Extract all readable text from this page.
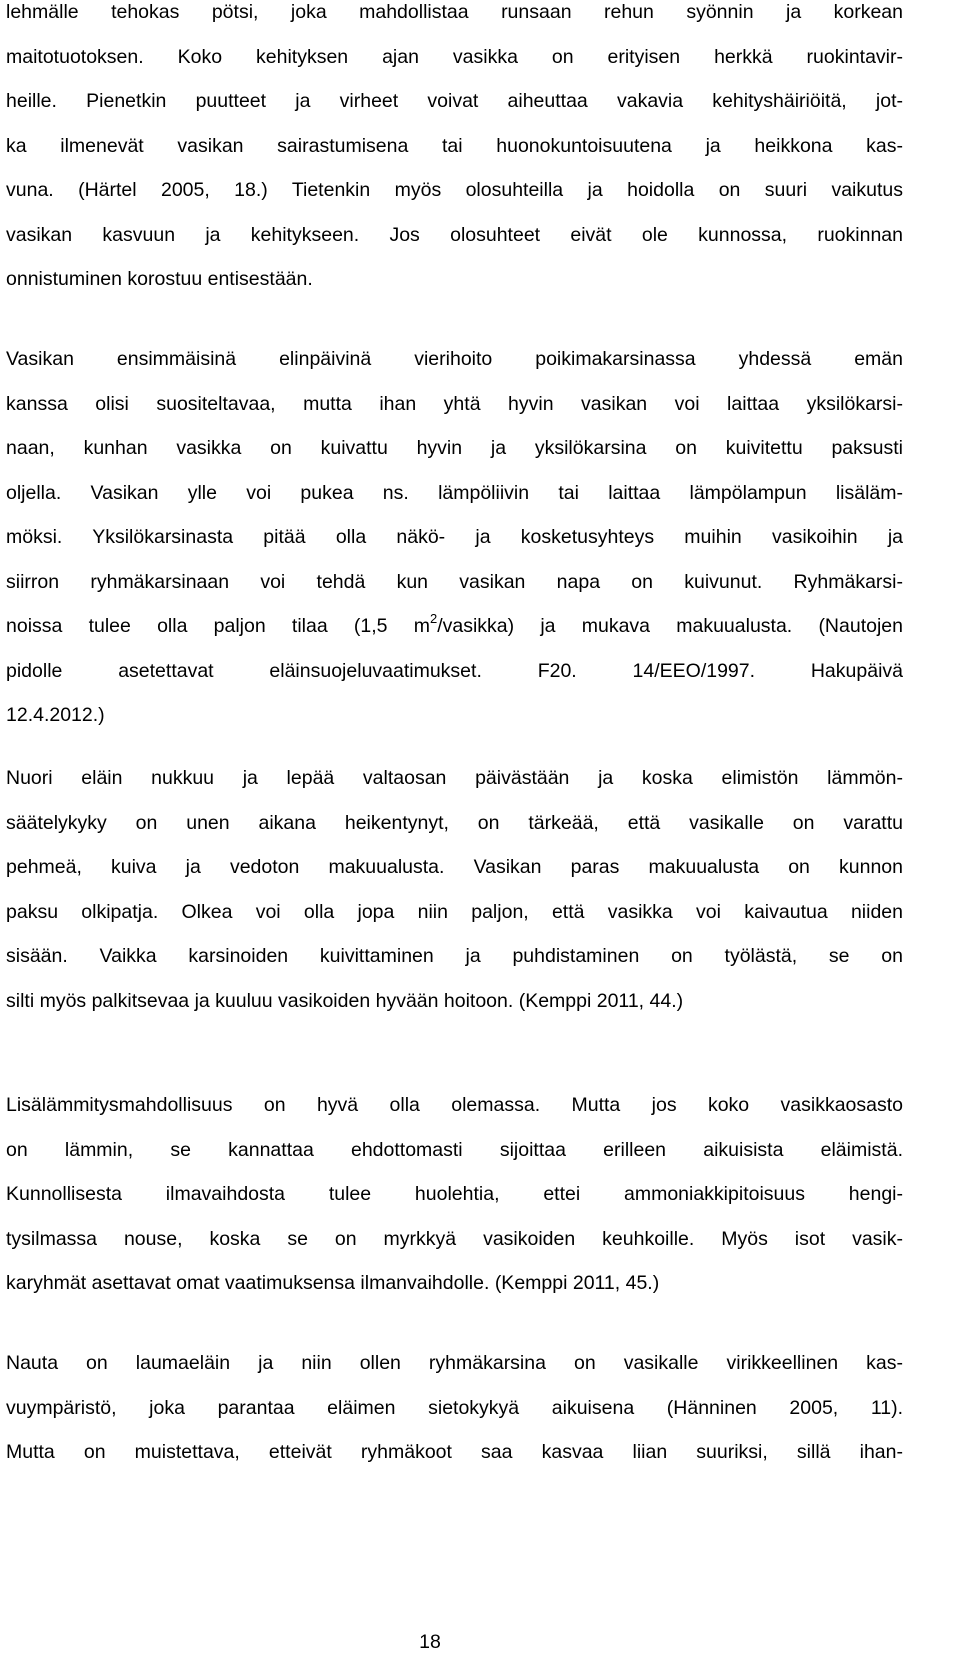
lehmälle tehokas pötsi, joka mahdollistaa runsaan rehun syönnin ja korkean
maitotuotoksen. Koko kehityksen ajan vasikka on erityisen herkkä ruokintavir-
heille. Pienetkin puutteet ja virheet voivat aiheuttaa vakavia kehityshäiriöitä, jot-
ka ilmenevät vasikan sairastumisena tai huonokuntoisuutena ja heikkona kas-
vuna. (Härtel 2005, 18.) Tietenkin myös olosuhteilla ja hoidolla on suuri vaikutus
vasikan kasvuun ja kehitykseen. Jos olosuhteet eivät ole kunnossa, ruokinnan
onnistuminen korostuu entisestään.

Vasikan ensimmäisinä elinpäivinä vierihoito poikimakarsinassa yhdessä emän
kanssa olisi suositeltavaa, mutta ihan yhtä hyvin vasikan voi laittaa yksilökarsi-
naan, kunhan vasikka on kuivattu hyvin ja yksilökarsina on kuivitettu paksusti
oljella. Vasikan ylle voi pukea ns. lämpöliivin tai laittaa lämpölampun lisäläm-
möksi. Yksilökarsinasta pitää olla näkö- ja kosketusyhteys muihin vasikoihin ja
siirron ryhmäkarsinaan voi tehdä kun vasikan napa on kuivunut. Ryhmäkarsi-
noissa tulee olla paljon tilaa (1,5 $m^2/vasikka$) ja mukava makuualusta. (Nautojen
pidolle asetettavat eläinsuojeluvaatimukset. F20. 14/EEO/1997. Hakupäivä
12.4.2012.)

Nuori eläin nukkuu ja lepää valtaosan päivästään ja koska elimistön lämmön-
säätelykyky on unen aikana heikentynyt, on tärkeää, että vasikalle on varattu
pehmeä, kuiva ja vedoton makuualusta. Vasikan paras makuualusta on kunnon
paksu olkipatja. Olkea voi olla jopa niin paljon, että vasikka voi kaivautua niiden
sisään. Vaikka karsinoiden kuivittaminen ja puhdistaminen on työlästä, se on
silti myös palkitsevaa ja kuuluu vasikoiden hyvään hoitoon. (Kemppi 2011, 44.)

Lisälämmitysmahdollisuus on hyvä olla olemassa. Mutta jos koko vasikkaosasto
on lämmin, se kannattaa ehdottomasti sijoittaa erilleen aikuisista eläimistä.
Kunnollisesta ilmavaihdosta tulee huolehtia, ettei ammoniakkipitoisuus hengi-
tysilmassa nouse, koska se on myrkkyä vasikoiden keuhkoille. Myös isot vasik-
karyhmät asettavat omat vaatimuksensa ilmanvaihdolle. (Kemppi 2011, 45.)

Nauta on laumaeläin ja niin ollen ryhmäkarsina on vasikalle virikkeellinen kas-
vuympäristö, joka parantaa eläimen sietokykyä aikuisena (Hänninen 2005, 11).
Mutta on muistettava, etteivät ryhmäkoot saa kasvaa liian suuriksi, sillä ihan-

18
